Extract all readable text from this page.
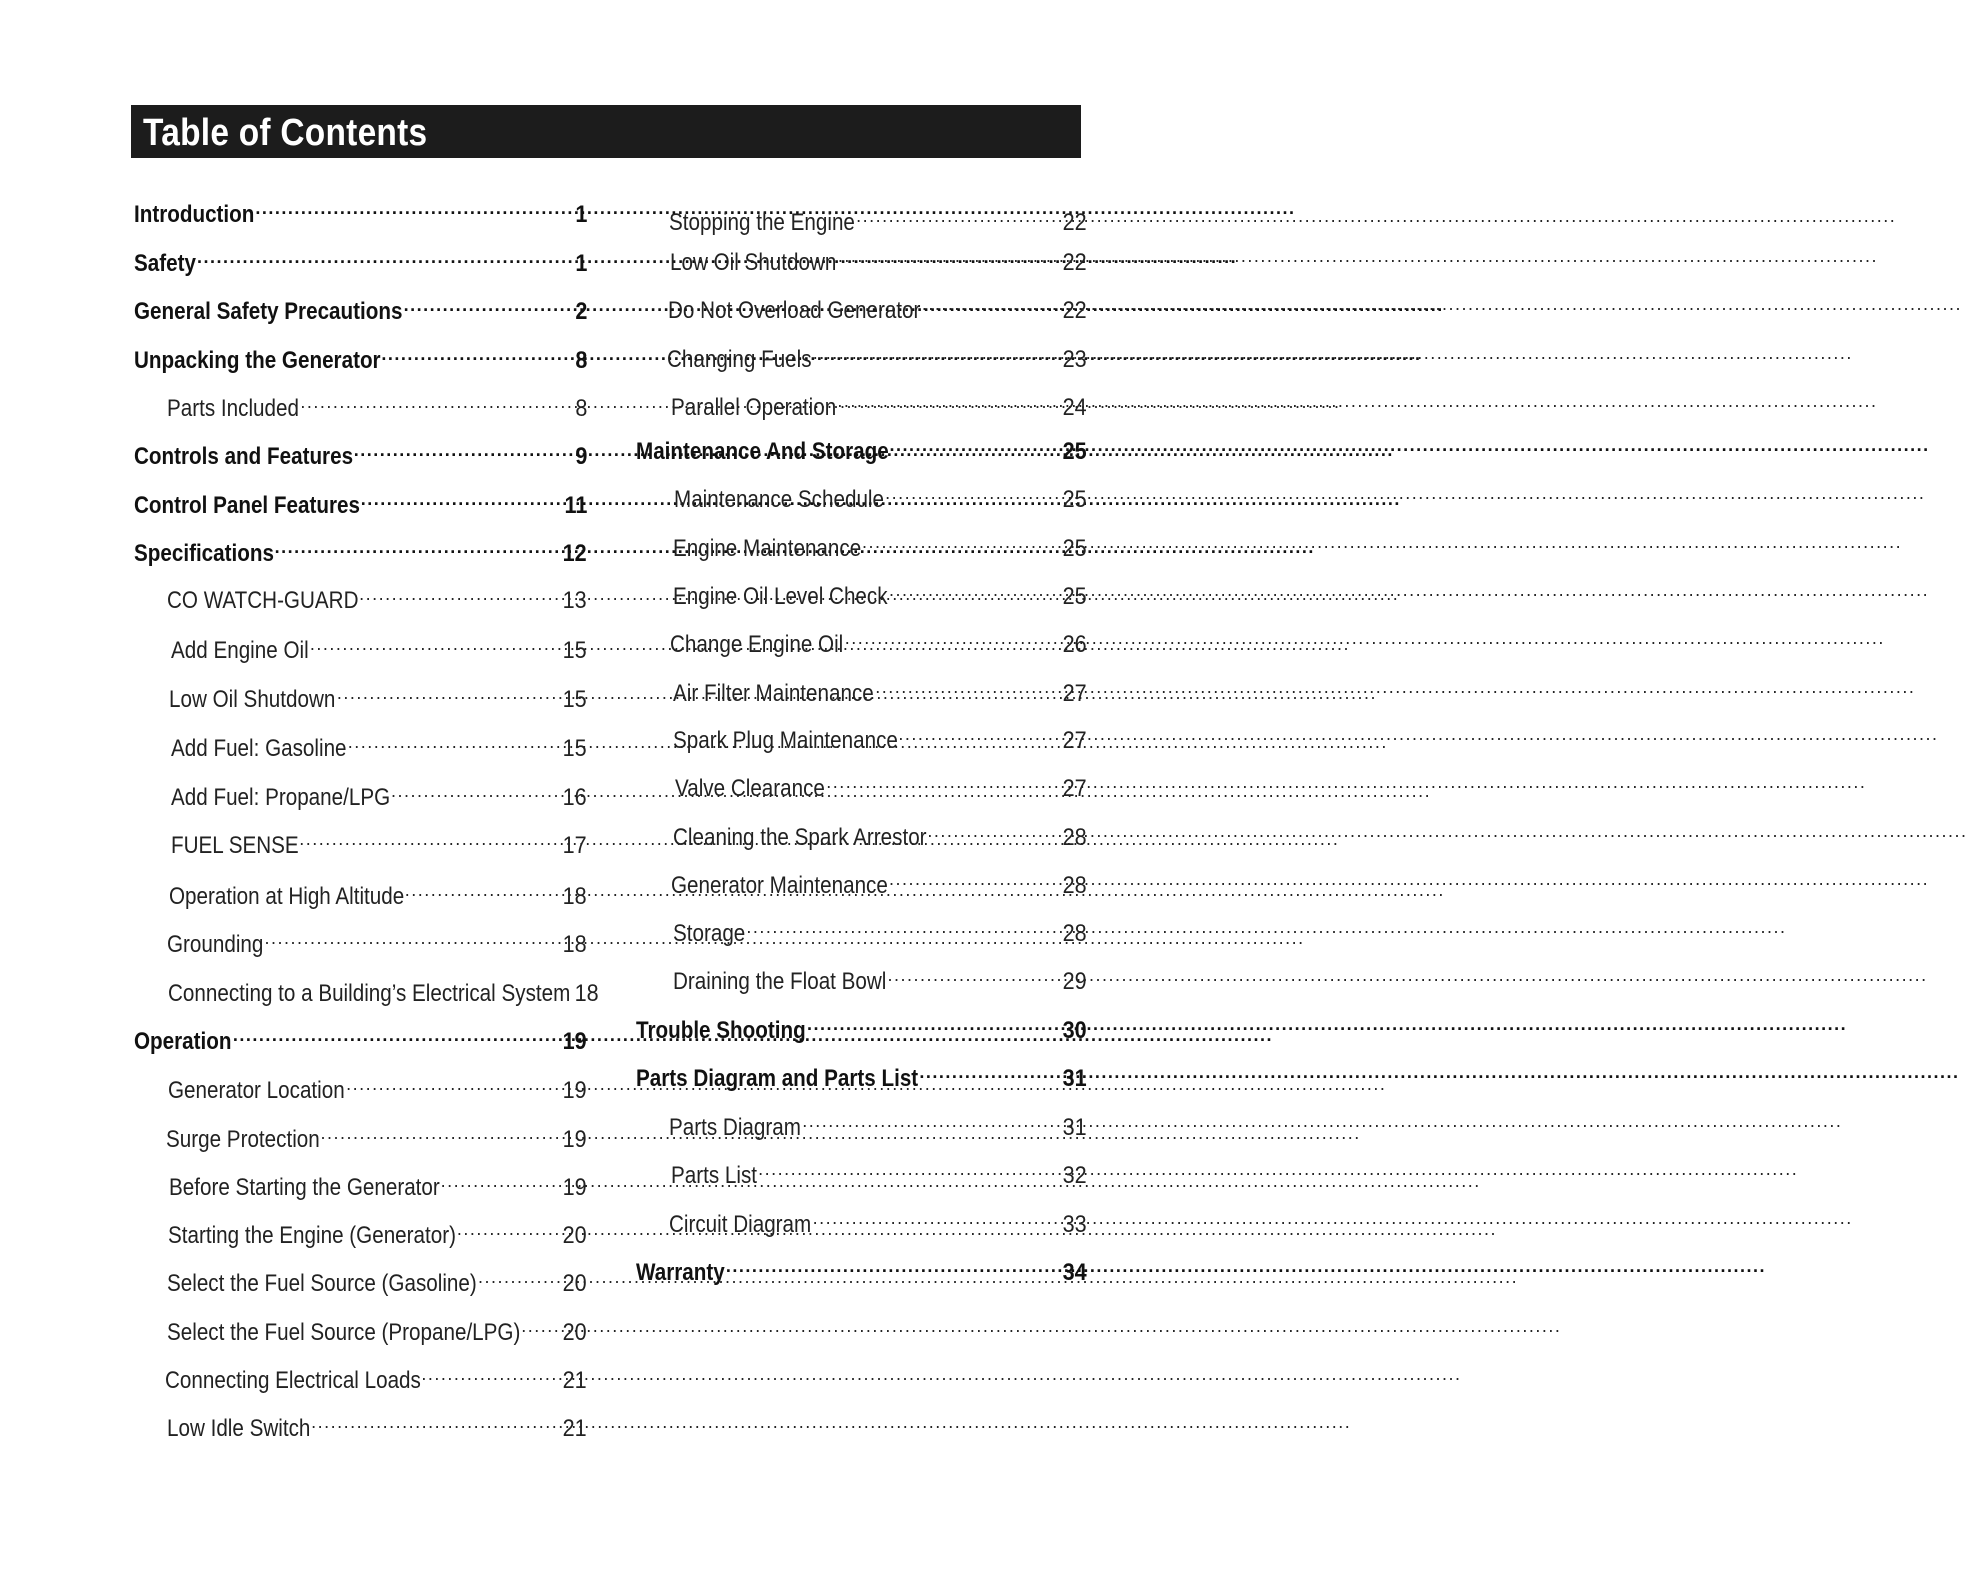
Table of Contents
Introduction .....	1
Safety .....	1
General Safety Precautions .....	2
Unpacking the Generator .....	8
Parts Included .....	8
Controls and Features .....	9
Control Panel Features .....	11
Specifications .....	12
CO WATCH-GUARD .....	13
Add Engine Oil .....	15
Low Oil Shutdown .....	15
Add Fuel: Gasoline .....	15
Add Fuel: Propane/LPG .....	16
FUEL SENSE .....	17
Operation at High Altitude .....	18
Grounding .....	18
Connecting to a Building’s Electrical System 18
Operation .....	19
Generator Location .....	19
Surge Protection .....	19
Before Starting the Generator .....	19
Starting the Engine (Generator) .....	20
Select the Fuel Source (Gasoline) .....	20
Select the Fuel Source (Propane/LPG) ..... 20
Connecting Electrical Loads .....	21
Low Idle Switch .....	21
Stopping the Engine .....	22
Low Oil Shutdown .....	22
Do Not Overload Generator .....	22
Changing Fuels .....	23
Parallel Operation .....	24
Maintenance And Storage .....	25
Maintenance Schedule .....	25
Engine Maintenance .....	25
Engine Oil Level Check .....	25
Change Engine Oil .....	26
Air Filter Maintenance .....	27
Spark Plug Maintenance .....	27
Valve Clearance .....	27
Cleaning the Spark Arrestor .....	28
Generator Maintenance .....	28
Storage .....	28
Draining the Float Bowl .....	29
Trouble Shooting .....	30
Parts Diagram and Parts List .....	31
Parts Diagram .....	31
Parts List .....	32
Circuit Diagram .....	33
Warranty .....	34
